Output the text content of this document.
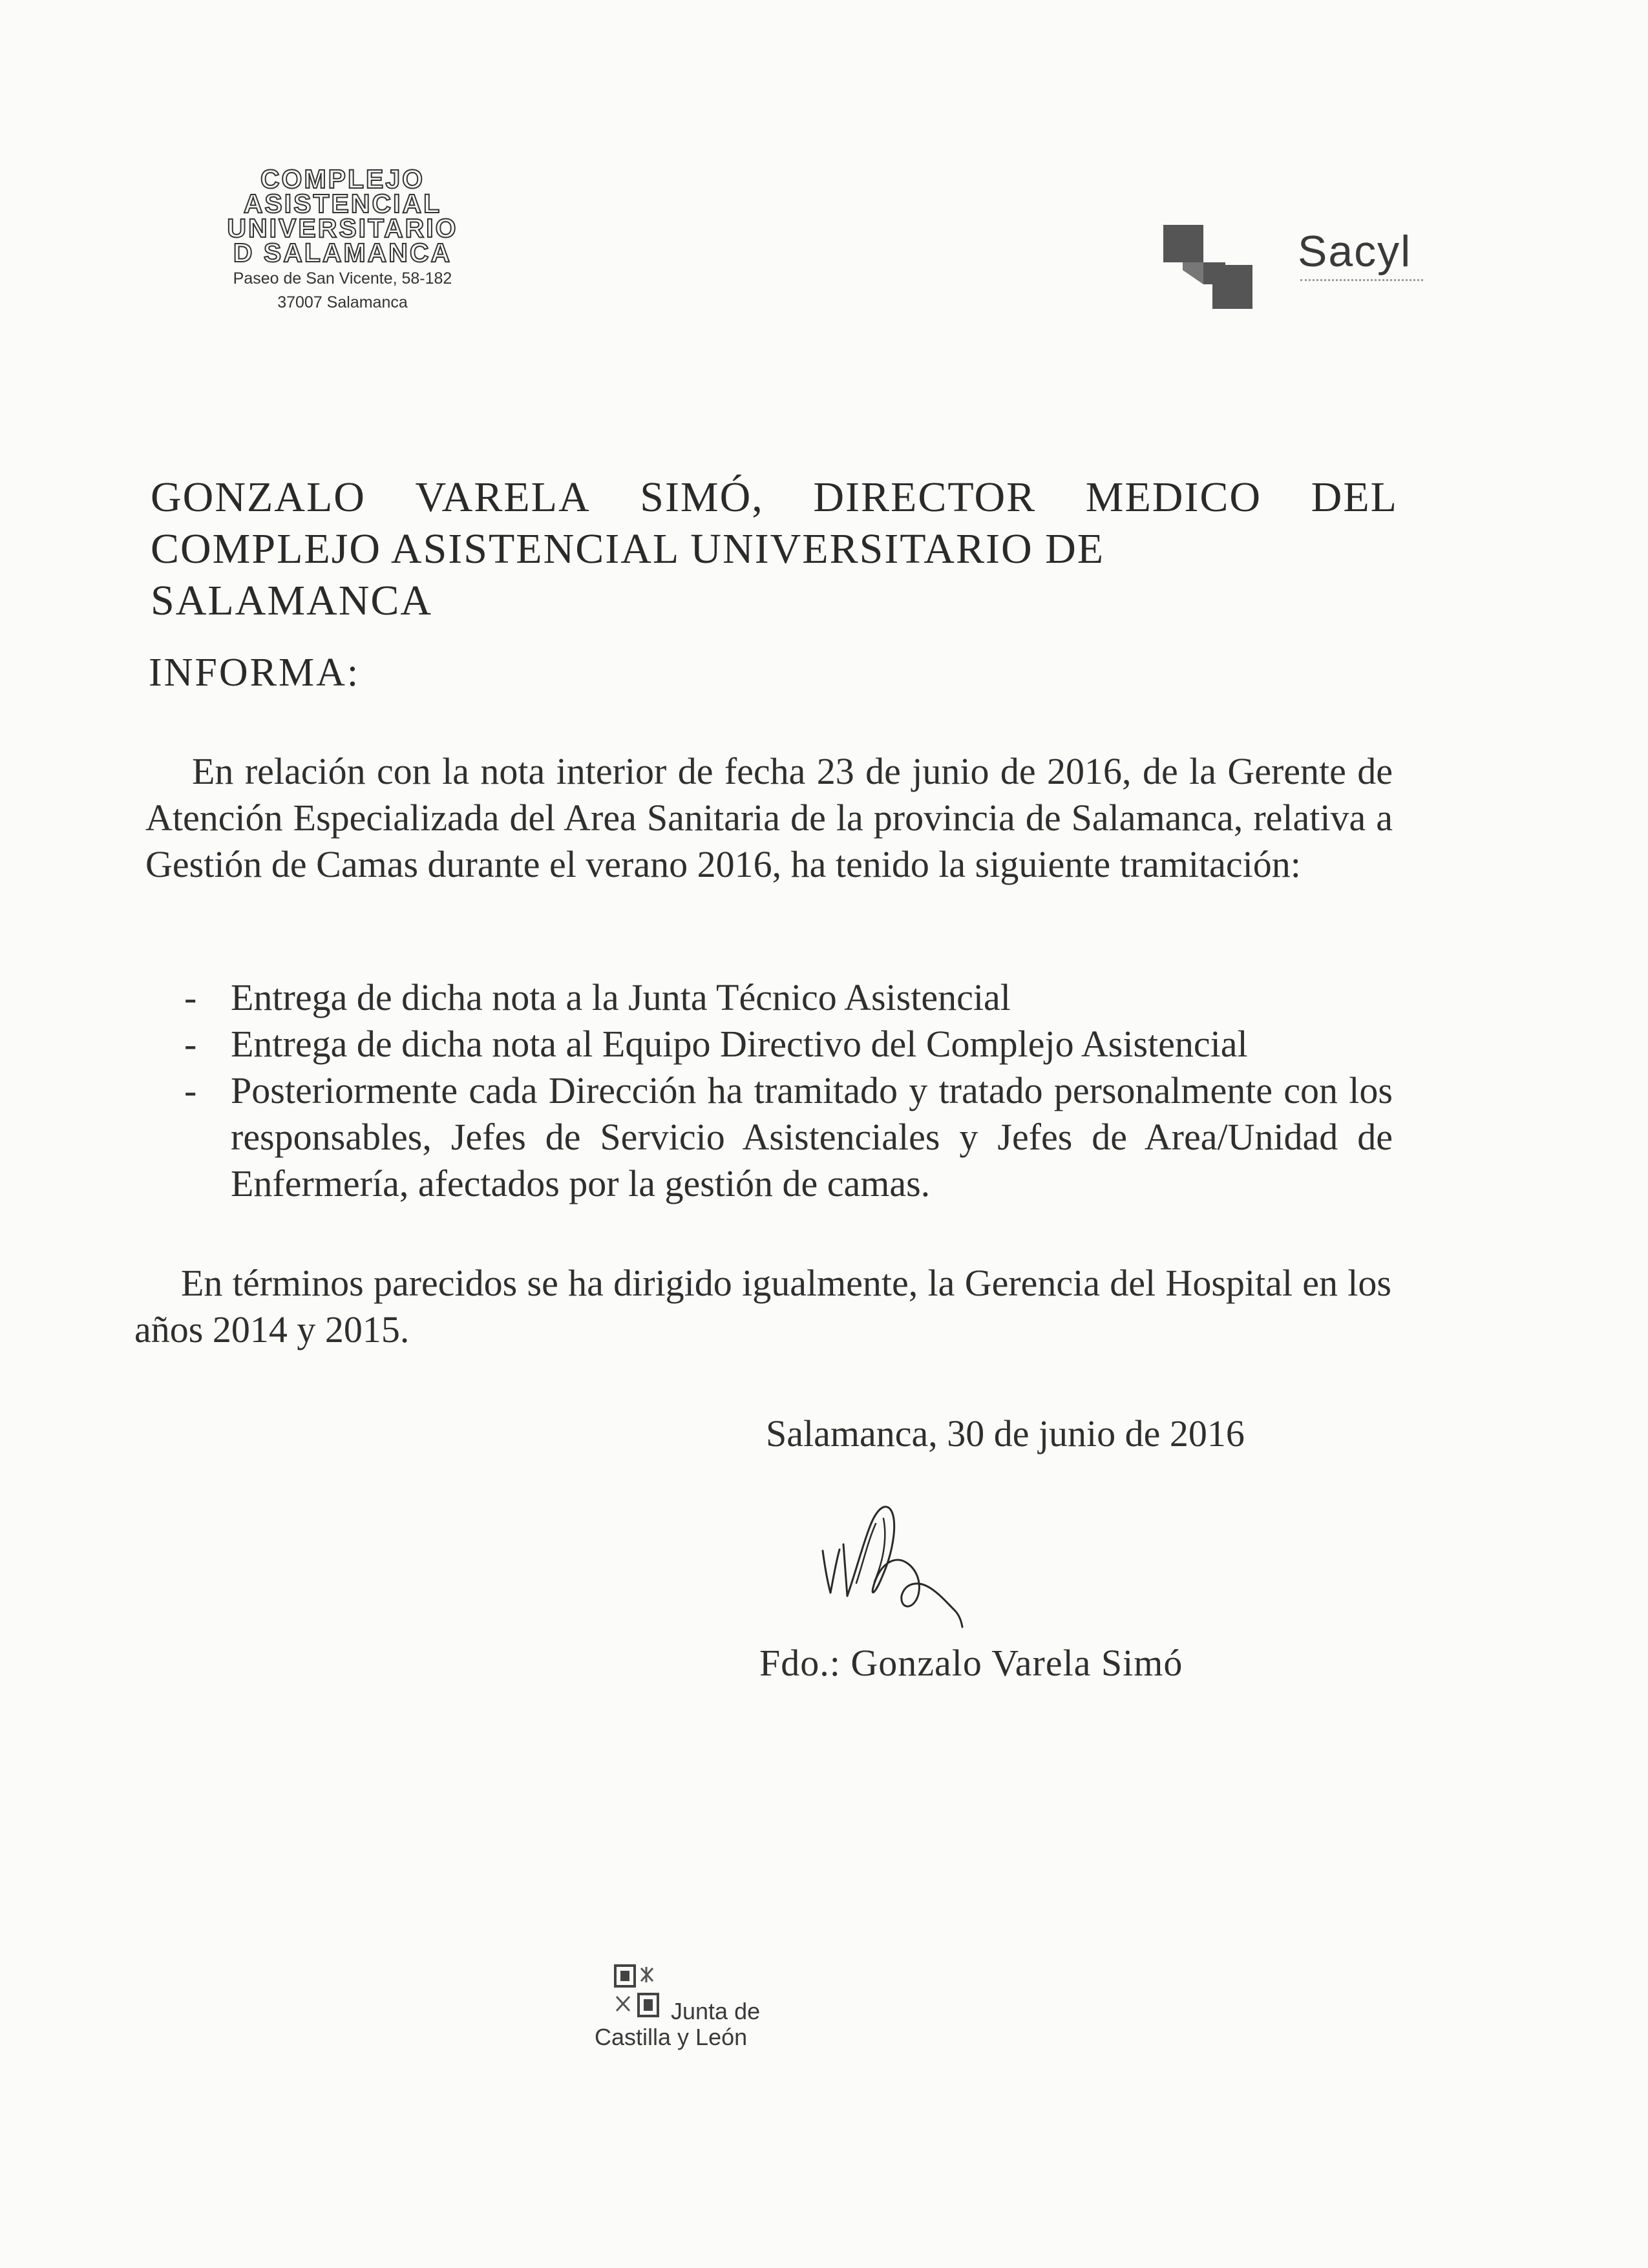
COMPLEJO
ASISTENCIAL
UNIVERSITARIO
D SALAMANCA
Paseo de San Vicente, 58-182
37007 Salamanca
Sacyl
GONZALO VARELA SIMÓ, DIRECTOR MEDICO DEL
COMPLEJO ASISTENCIAL UNIVERSITARIO DE SALAMANCA
INFORMA:
En relación con la nota interior de fecha 23 de junio de 2016, de la Gerente de Atención Especializada del Area Sanitaria de la provincia de Salamanca, relativa a Gestión de Camas durante el verano 2016, ha tenido la siguiente tramitación:
- Entrega de dicha nota a la Junta Técnico Asistencial
- Entrega de dicha nota al Equipo Directivo del Complejo Asistencial
- Posteriormente cada Dirección ha tramitado y tratado personalmente con los responsables, Jefes de Servicio Asistenciales y Jefes de Area/Unidad de Enfermería, afectados por la gestión de camas.
En términos parecidos se ha dirigido igualmente, la Gerencia del Hospital en los años 2014 y 2015.
Salamanca, 30 de junio de 2016
Fdo.: Gonzalo Varela Simó
Junta de
Castilla y León
